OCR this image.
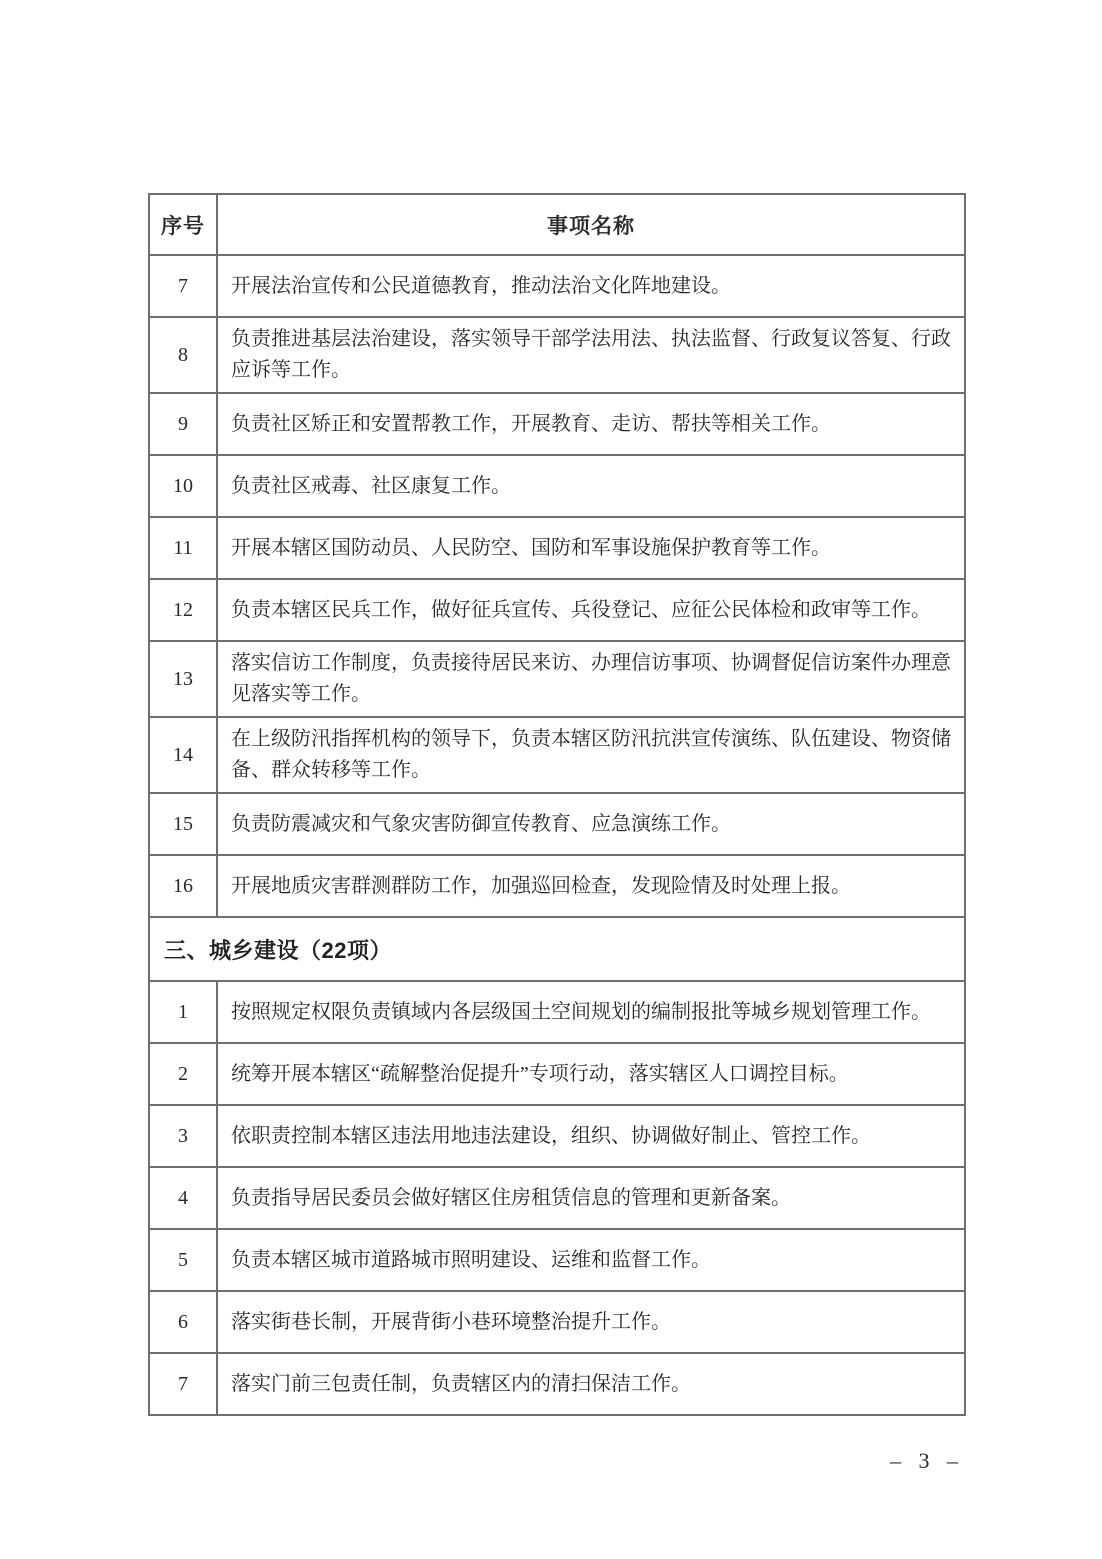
序号	事项名称
7	开展法治宣传和公民道德教育，推动法治文化阵地建设。
8	负责推进基层法治建设，落实领导干部学法用法、执法监督、行政复议答复、行政应诉等工作。
9	负责社区矫正和安置帮教工作，开展教育、走访、帮扶等相关工作。
10	负责社区戒毒、社区康复工作。
11	开展本辖区国防动员、人民防空、国防和军事设施保护教育等工作。
12	负责本辖区民兵工作，做好征兵宣传、兵役登记、应征公民体检和政审等工作。
13	落实信访工作制度，负责接待居民来访、办理信访事项、协调督促信访案件办理意见落实等工作。
14	在上级防汛指挥机构的领导下，负责本辖区防汛抗洪宣传演练、队伍建设、物资储备、群众转移等工作。
15	负责防震减灾和气象灾害防御宣传教育、应急演练工作。
16	开展地质灾害群测群防工作，加强巡回检查，发现险情及时处理上报。
三、城乡建设（22项）	
1	按照规定权限负责镇域内各层级国土空间规划的编制报批等城乡规划管理工作。
2	统筹开展本辖区“疏解整治促提升”专项行动，落实辖区人口调控目标。
3	依职责控制本辖区违法用地违法建设，组织、协调做好制止、管控工作。
4	负责指导居民委员会做好辖区住房租赁信息的管理和更新备案。
5	负责本辖区城市道路城市照明建设、运维和监督工作。
6	落实街巷长制，开展背街小巷环境整治提升工作。
7	落实门前三包责任制，负责辖区内的清扫保洁工作。
– 3 –
